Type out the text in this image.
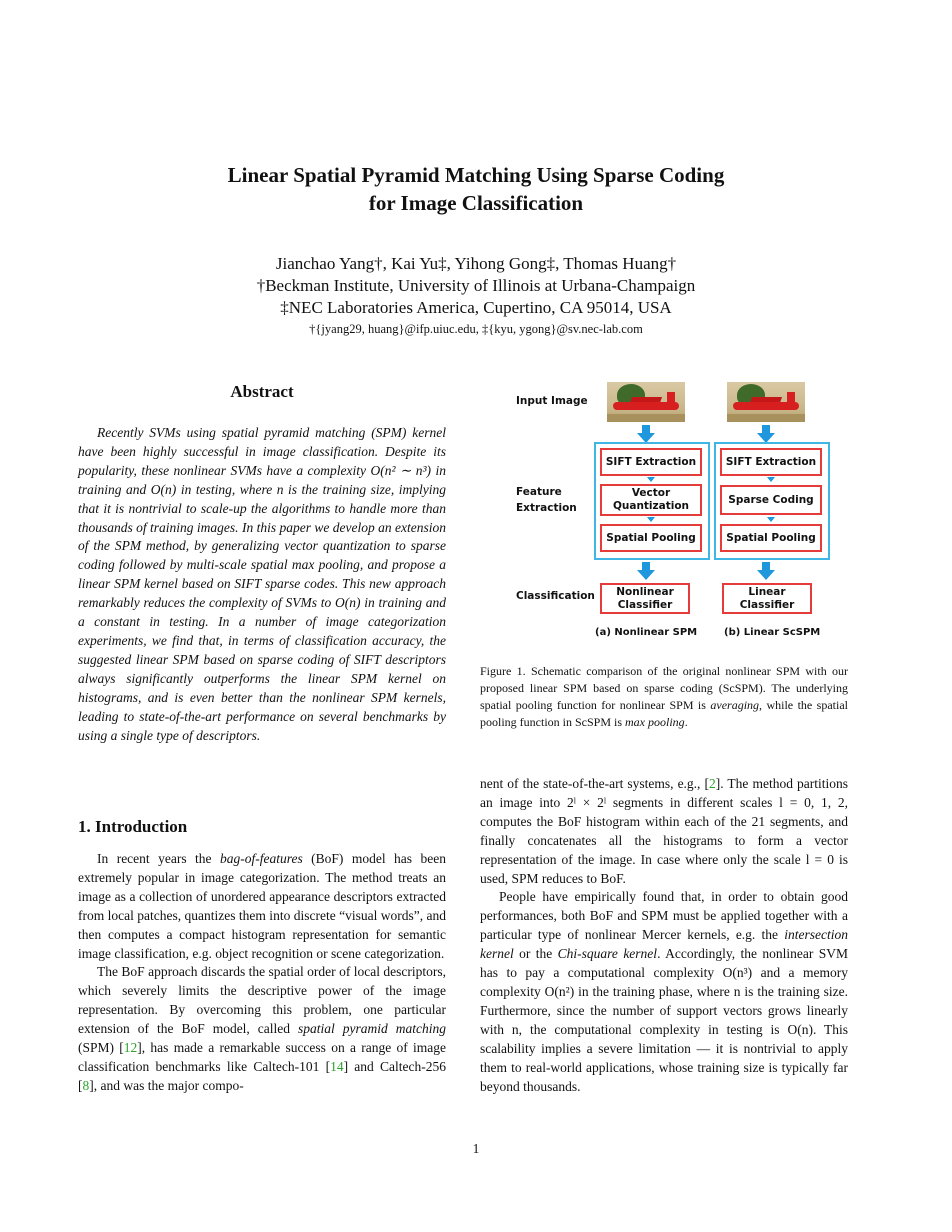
Linear Spatial Pyramid Matching Using Sparse Coding
for Image Classification
Jianchao Yang†, Kai Yu‡, Yihong Gong‡, Thomas Huang†
†Beckman Institute, University of Illinois at Urbana-Champaign
‡NEC Laboratories America, Cupertino, CA 95014, USA
†{jyang29, huang}@ifp.uiuc.edu, ‡{kyu, ygong}@sv.nec-lab.com
Abstract

Recently SVMs using spatial pyramid matching (SPM) kernel have been highly successful in image classification. Despite its popularity, these nonlinear SVMs have a complexity O(n² ∼ n³) in training and O(n) in testing, where n is the training size, implying that it is nontrivial to scale-up the algorithms to handle more than thousands of training images. In this paper we develop an extension of the SPM method, by generalizing vector quantization to sparse coding followed by multi-scale spatial max pooling, and propose a linear SPM kernel based on SIFT sparse codes. This new approach remarkably reduces the complexity of SVMs to O(n) in training and a constant in testing. In a number of image categorization experiments, we find that, in terms of classification accuracy, the suggested linear SPM based on sparse coding of SIFT descriptors always significantly outperforms the linear SPM kernel on histograms, and is even better than the nonlinear SPM kernels, leading to state-of-the-art performance on several benchmarks by using a single type of descriptors.

1. Introduction

In recent years the bag-of-features (BoF) model has been extremely popular in image categorization. The method treats an image as a collection of unordered appearance descriptors extracted from local patches, quantizes them into discrete “visual words”, and then computes a compact histogram representation for semantic image classification, e.g. object recognition or scene categorization.

The BoF approach discards the spatial order of local descriptors, which severely limits the descriptive power of the image representation. By overcoming this problem, one particular extension of the BoF model, called spatial pyramid matching (SPM) [12], has made a remarkable success on a range of image classification benchmarks like Caltech-101 [14] and Caltech-256 [8], and was the major compo-

Input Image
Feature
Extraction
Classification
SIFT Extraction
Vector
Quantization
Spatial Pooling
Nonlinear
Classifier
(a) Nonlinear SPM
SIFT Extraction
Sparse Coding
Spatial Pooling
Linear
Classifier
(b) Linear ScSPM
Figure 1. Schematic comparison of the original nonlinear SPM with our proposed linear SPM based on sparse coding (ScSPM). The underlying spatial pooling function for nonlinear SPM is averaging, while the spatial pooling function in ScSPM is max pooling.

nent of the state-of-the-art systems, e.g., [2]. The method partitions an image into 2ˡ × 2ˡ segments in different scales l = 0, 1, 2, computes the BoF histogram within each of the 21 segments, and finally concatenates all the histograms to form a vector representation of the image. In case where only the scale l = 0 is used, SPM reduces to BoF.

People have empirically found that, in order to obtain good performances, both BoF and SPM must be applied together with a particular type of nonlinear Mercer kernels, e.g. the intersection kernel or the Chi-square kernel. Accordingly, the nonlinear SVM has to pay a computational complexity O(n³) and a memory complexity O(n²) in the training phase, where n is the training size. Furthermore, since the number of support vectors grows linearly with n, the computational complexity in testing is O(n). This scalability implies a severe limitation — it is nontrivial to apply them to real-world applications, whose training size is typically far beyond thousands.

1
